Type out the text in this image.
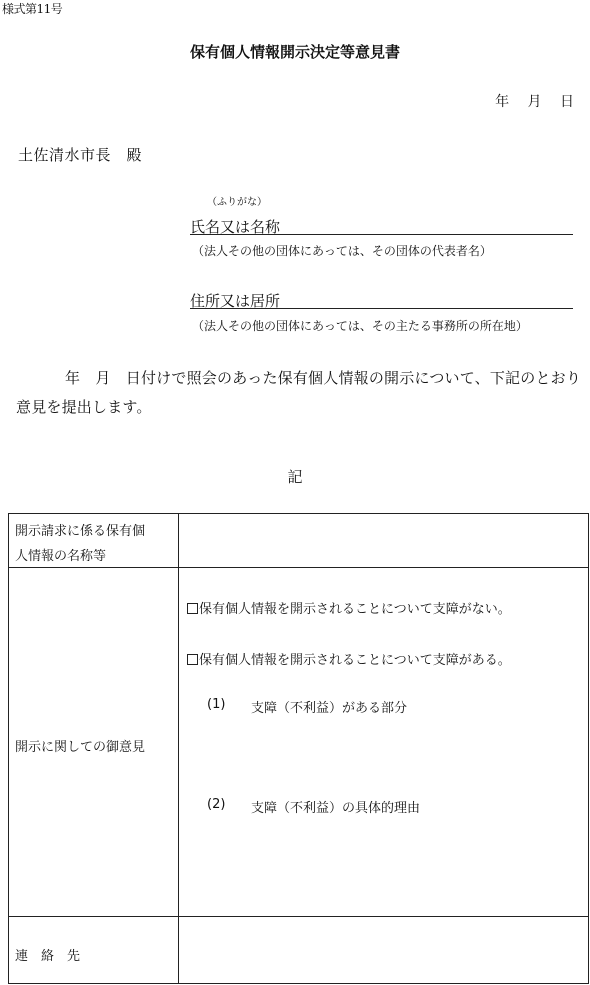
様式第11号
保有個人情報開示決定等意見書
年 月 日
土佐清水市長　殿
（ふりがな）
氏名又は名称
（法人その他の団体にあっては、その団体の代表者名）
住所又は居所
（法人その他の団体にあっては、その主たる事務所の所在地）
年　月　日付けで照会のあった保有個人情報の開示について、下記のとおり意見を提出します。
記
開示請求に係る保有個
人情報の名称等
開示に関しての御意見
保有個人情報を開示されることについて支障がない。
保有個人情報を開示されることについて支障がある。
(1) 支障（不利益）がある部分
(2) 支障（不利益）の具体的理由
連　絡　先
